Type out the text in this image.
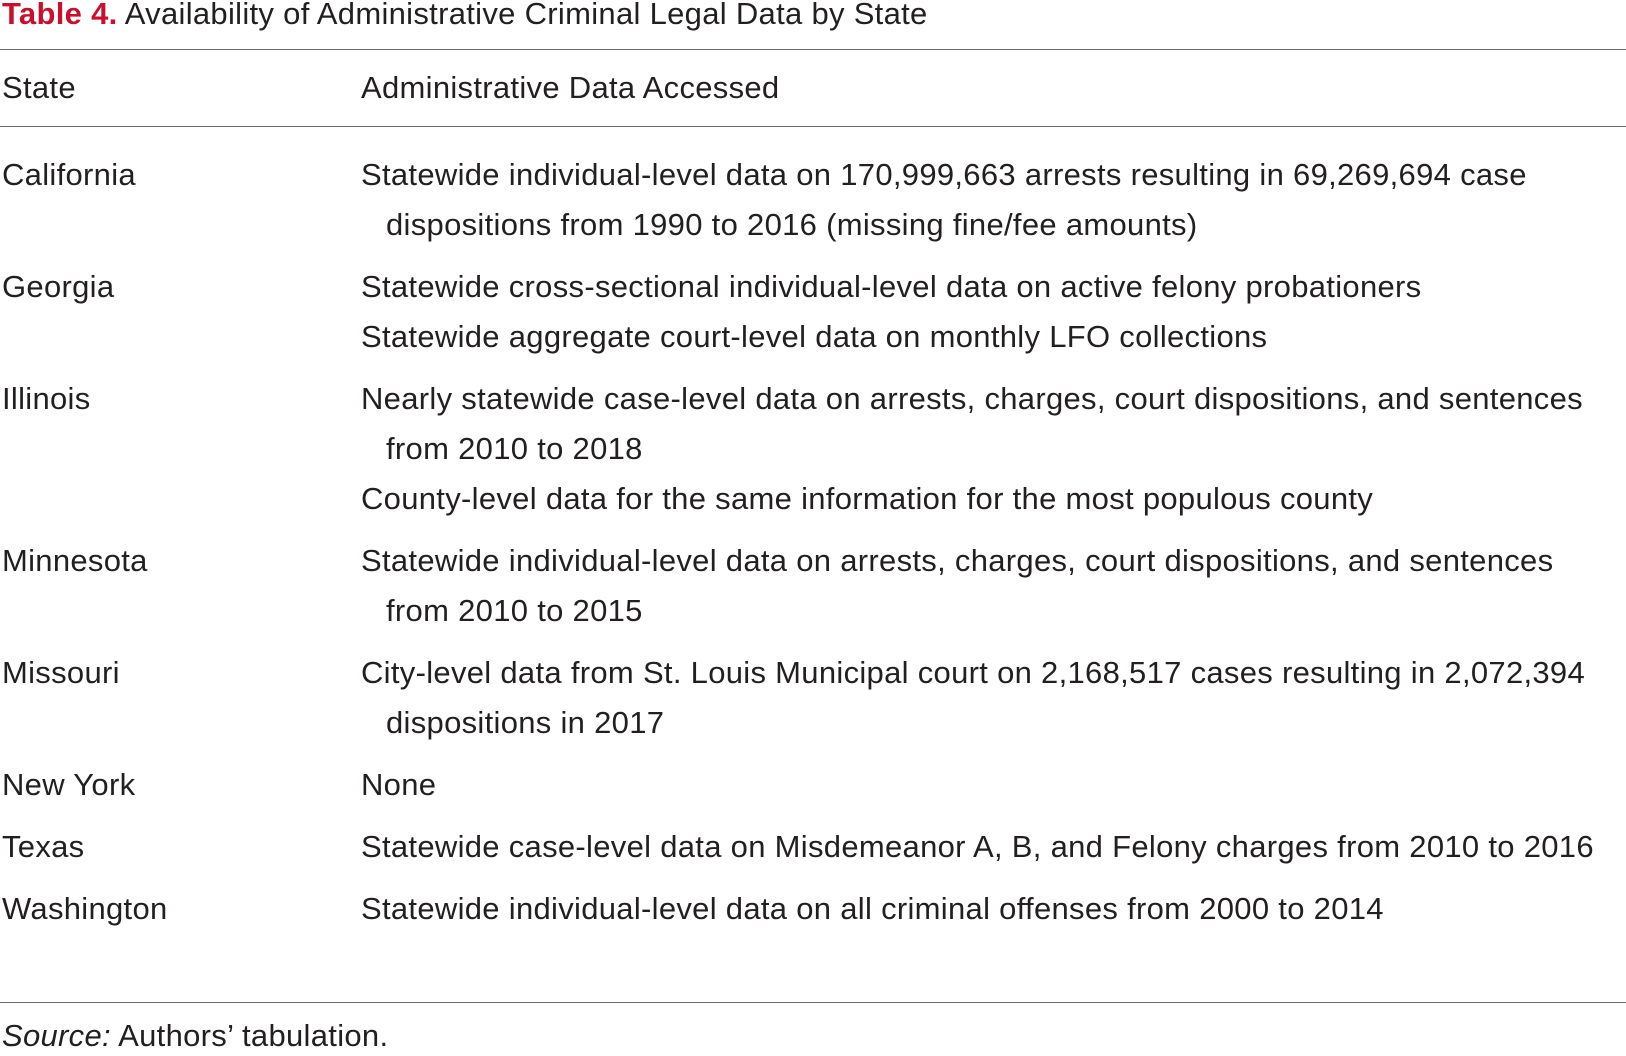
Table 4. Availability of Administrative Criminal Legal Data by State
State	Administrative Data Accessed
California	Statewide individual-level data on 170,999,663 arrests resulting in 69,269,694 case dispositions from 1990 to 2016 (missing fine/fee amounts)
Georgia	Statewide cross-sectional individual-level data on active felony probationers
Statewide aggregate court-level data on monthly LFO collections
Illinois	Nearly statewide case-level data on arrests, charges, court dispositions, and sentences from 2010 to 2018
County-level data for the same information for the most populous county
Minnesota	Statewide individual-level data on arrests, charges, court dispositions, and sentences from 2010 to 2015
Missouri	City-level data from St. Louis Municipal court on 2,168,517 cases resulting in 2,072,394 dispositions in 2017
New York	None
Texas	Statewide case-level data on Misdemeanor A, B, and Felony charges from 2010 to 2016
Washington	Statewide individual-level data on all criminal offenses from 2000 to 2014
Source: Authors’ tabulation.
